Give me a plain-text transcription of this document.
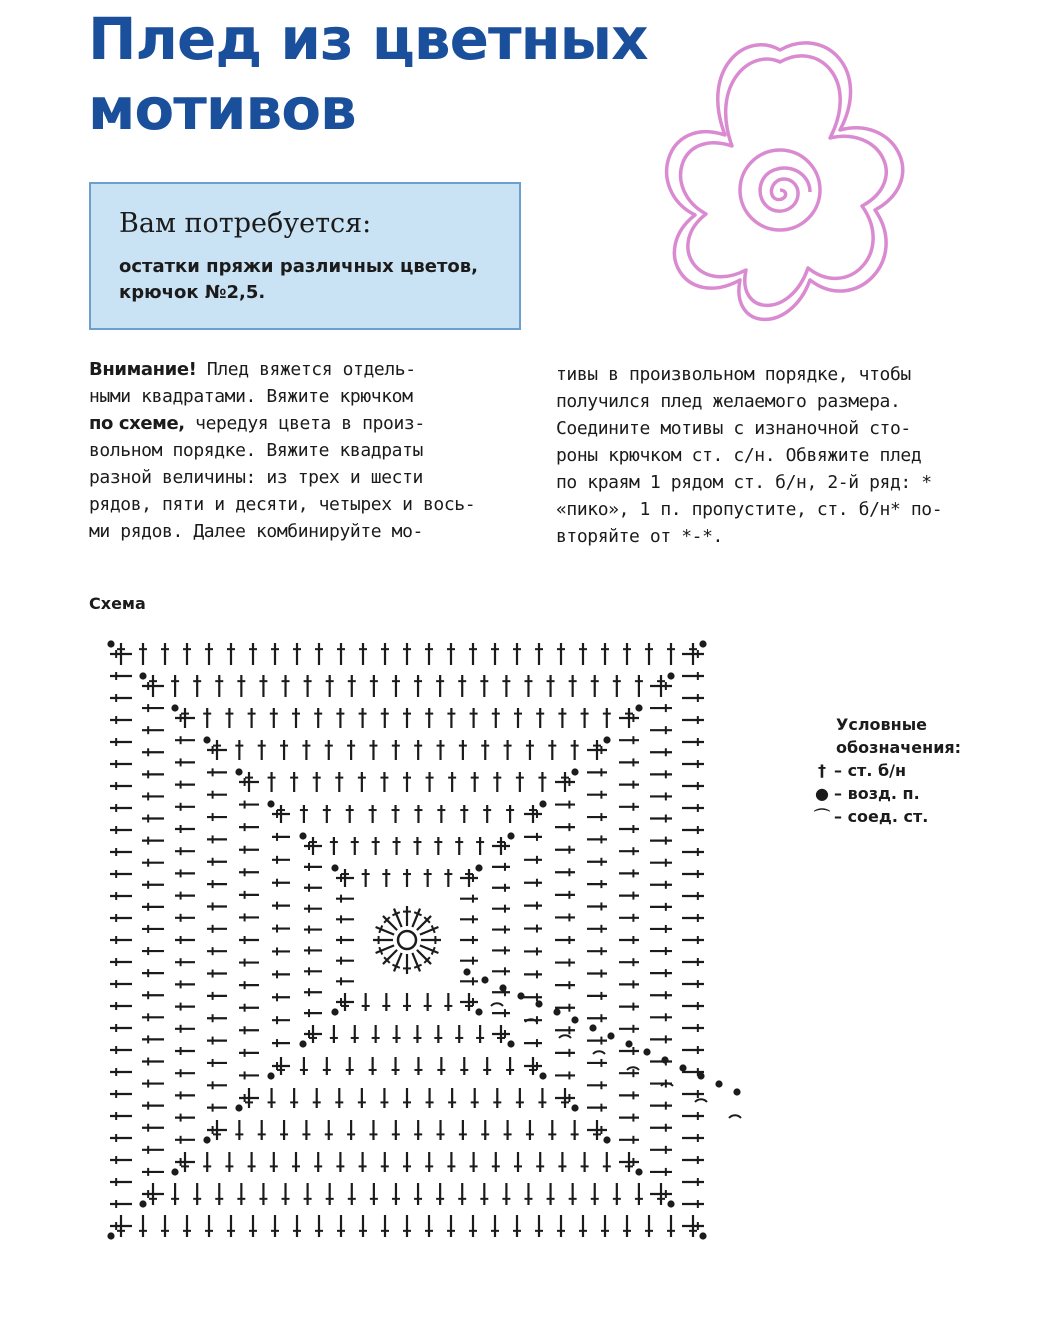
Плед из цветных
мотивов

Вам потребуется:

остатки пряжи различных цветов,

крючок №2,5.

Внимание! Плед вяжется отдель-
ными квадратами. Вяжите крючком
по схеме, чередуя цвета в произ-
вольном порядке. Вяжите квадраты
разной величины: из трех и шести
рядов, пяти и десяти, четырех и вось-
ми рядов. Далее комбинируйте мо-
тивы в произвольном порядке, чтобы
получился плед желаемого размера.
Соедините мотивы с изнаночной сто-
роны крючком ст. с/н. Обвяжите плед
по краям 1 рядом ст. б/н, 2-й ряд: *
«пико», 1 п. пропустите, ст. б/н* по-
вторяйте от *-*.
Схема
Условные
обозначения:
† – ст. б/н
● – возд. п.
⌒ – соед. ст.
